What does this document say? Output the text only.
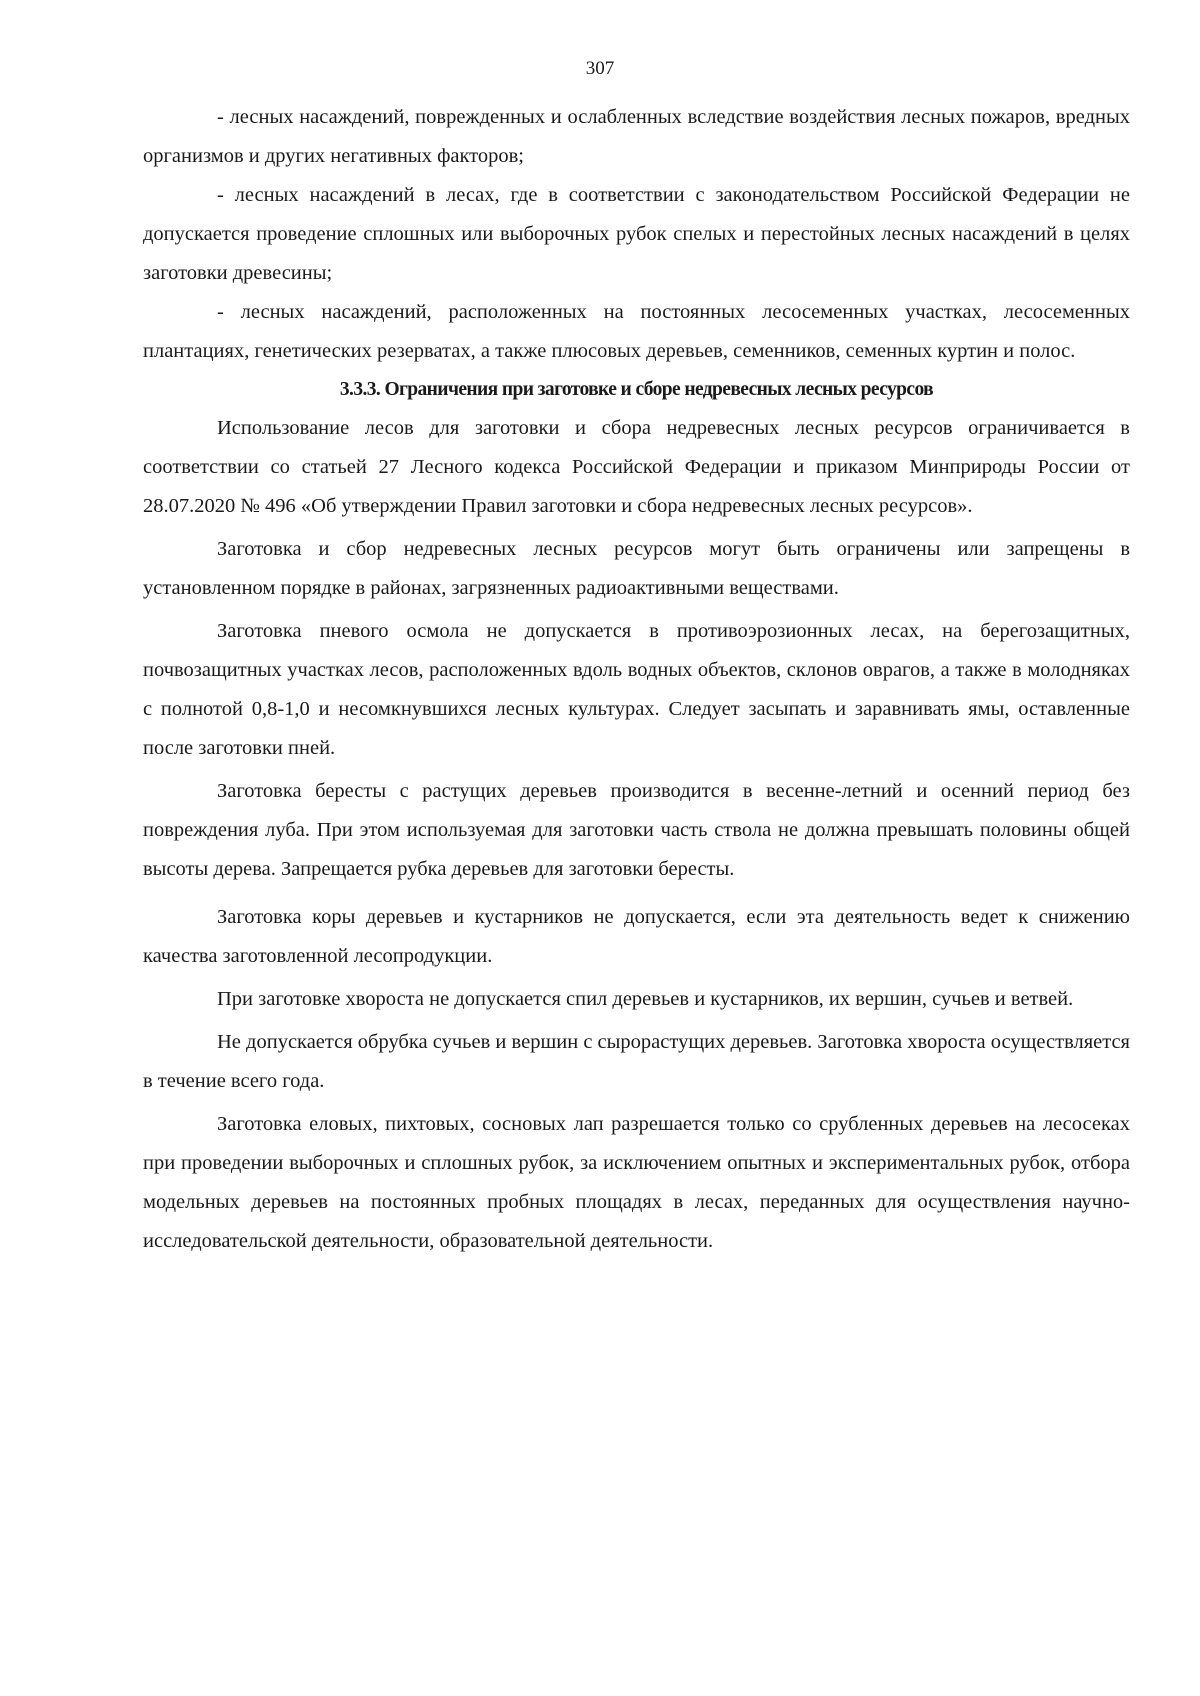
307

- лесных насаждений, поврежденных и ослабленных вследствие воздействия лесных пожаров, вредных организмов и других негативных факторов;

- лесных насаждений в лесах, где в соответствии с законодательством Российской Федерации не допускается проведение сплошных или выборочных рубок спелых и перестойных лесных насаждений в целях заготовки древесины;

- лесных насаждений, расположенных на постоянных лесосеменных участках, лесосеменных плантациях, генетических резерватах, а также плюсовых деревьев, семенников, семенных куртин и полос.

3.3.3. Ограничения при заготовке и сборе недревесных лесных ресурсов

Использование лесов для заготовки и сбора недревесных лесных ресурсов ограничивается в соответствии со статьей 27 Лесного кодекса Российской Федерации и приказом Минприроды России от 28.07.2020 № 496 «Об утверждении Правил заготовки и сбора недревесных лесных ресурсов».

Заготовка и сбор недревесных лесных ресурсов могут быть ограничены или запрещены в установленном порядке в районах, загрязненных радиоактивными веществами.

Заготовка пневого осмола не допускается в противоэрозионных лесах, на берегозащитных, почвозащитных участках лесов, расположенных вдоль водных объектов, склонов оврагов, а также в молодняках с полнотой 0,8-1,0 и несомкнувшихся лесных культурах. Следует засыпать и заравнивать ямы, оставленные после заготовки пней.

Заготовка бересты с растущих деревьев производится в весенне-летний и осенний период без повреждения луба. При этом используемая для заготовки часть ствола не должна превышать половины общей высоты дерева. Запрещается рубка деревьев для заготовки бересты.

Заготовка коры деревьев и кустарников не допускается, если эта деятельность ведет к снижению качества заготовленной лесопродукции.

При заготовке хвороста не допускается спил деревьев и кустарников, их вершин, сучьев и ветвей.

Не допускается обрубка сучьев и вершин с сырорастущих деревьев. Заготовка хвороста осуществляется в течение всего года.

Заготовка еловых, пихтовых, сосновых лап разрешается только со срубленных деревьев на лесосеках при проведении выборочных и сплошных рубок, за исключением опытных и экспериментальных рубок, отбора модельных деревьев на постоянных пробных площадях в лесах, переданных для осуществления научно-исследовательской деятельности, образовательной деятельности.
